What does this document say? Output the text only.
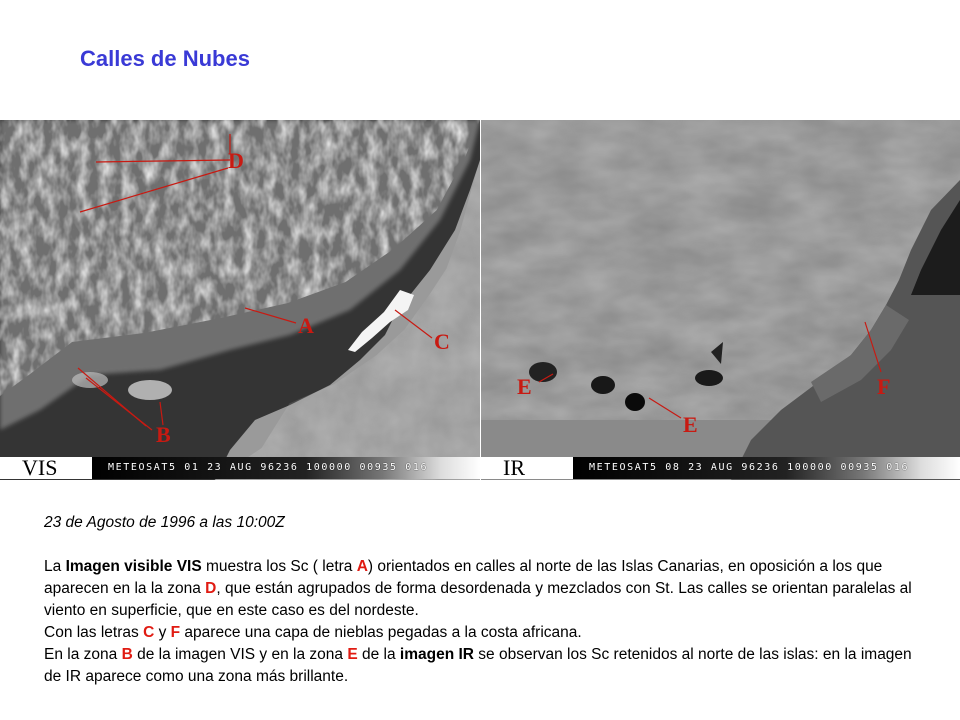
Calles de Nubes
D
A
C
B
E
E
F
VIS	METEOSAT5 01 23 AUG 96236 100000 00935 016	IR	METEOSAT5 08 23 AUG 96236 100000 00935 016
23 de Agosto de 1996 a las 10:00Z
La Imagen visible VIS muestra los Sc ( letra A) orientados en calles al norte de las Islas Canarias, en oposición a los que aparecen en la la zona D, que están agrupados de forma desordenada y mezclados con St. Las calles se orientan paralelas al viento en superficie, que en este caso es del nordeste.
Con las letras C y F aparece una capa de nieblas pegadas a la costa africana.
En la zona B de la imagen VIS y en la zona E de la imagen IR se observan los Sc retenidos al norte de las islas: en la imagen de IR aparece como una zona más brillante.
